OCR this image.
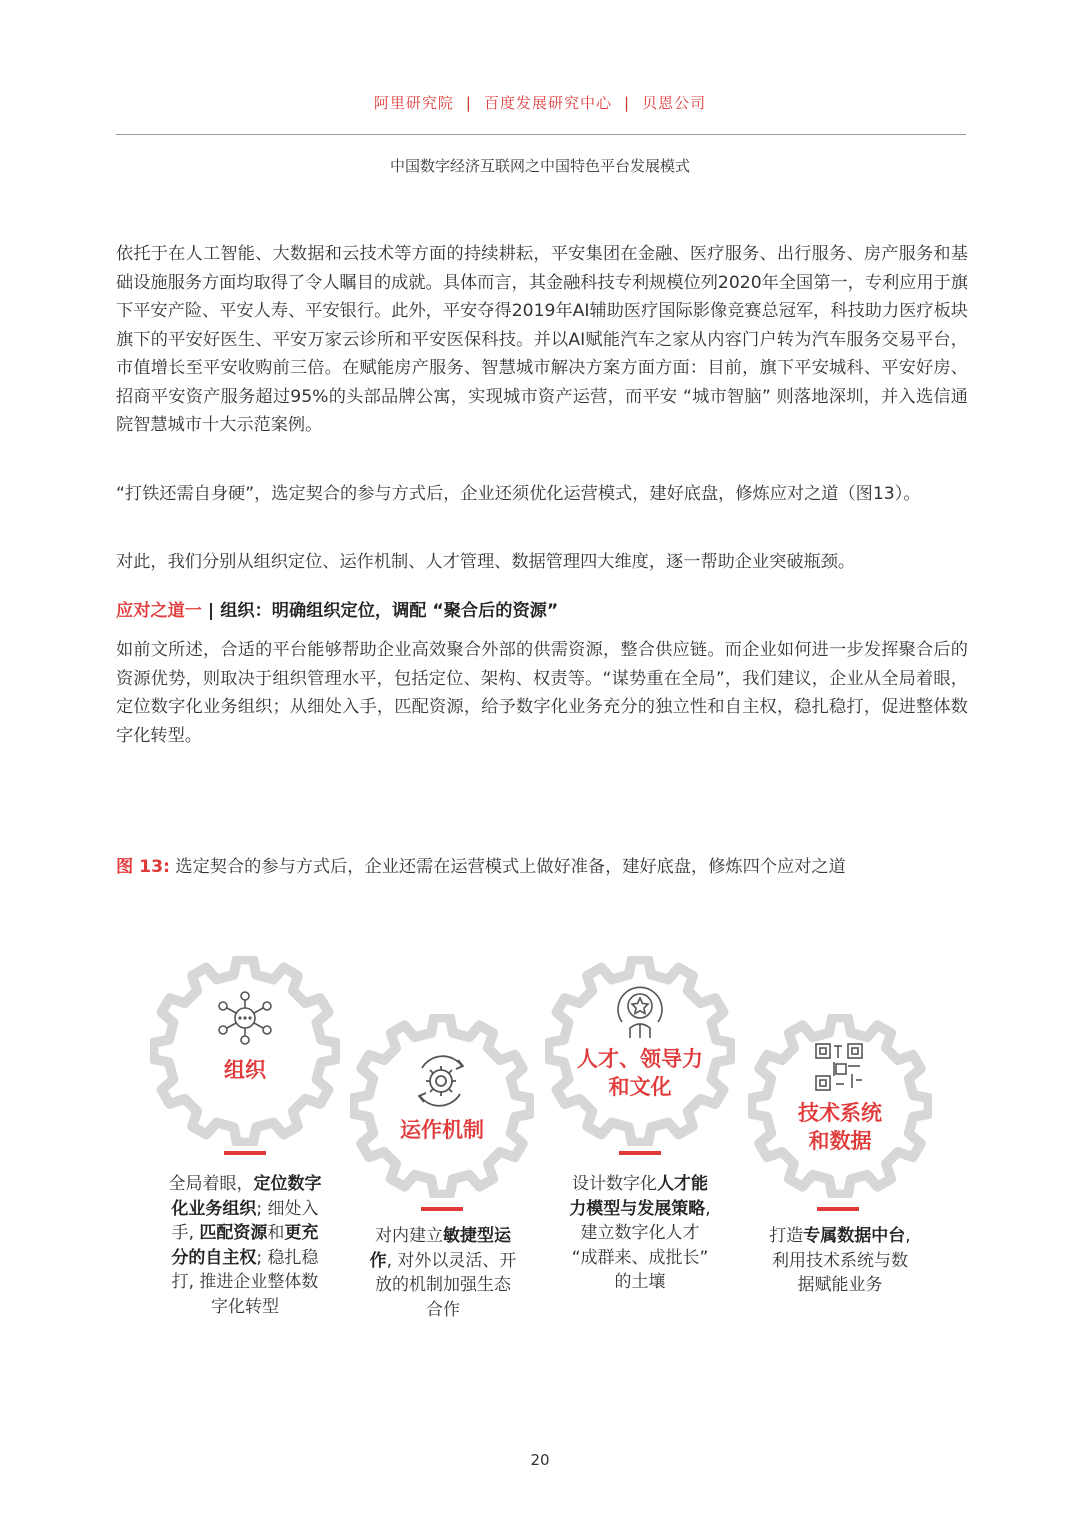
阿里研究院 | 百度发展研究中心 | 贝恩公司
中国数字经济互联网之中国特色平台发展模式

依托于在人工智能、大数据和云技术等方面的持续耕耘，平安集团在金融、医疗服务、出行服务、房产服务和基础设施服务方面均取得了令人瞩目的成就。具体而言，其金融科技专利规模位列2020年全国第一，专利应用于旗下平安产险、平安人寿、平安银行。此外，平安夺得2019年AI辅助医疗国际影像竞赛总冠军，科技助力医疗板块旗下的平安好医生、平安万家云诊所和平安医保科技。并以AI赋能汽车之家从内容门户转为汽车服务交易平台，市值增长至平安收购前三倍。在赋能房产服务、智慧城市解决方案方面方面：目前，旗下平安城科、平安好房、招商平安资产服务超过95%的头部品牌公寓，实现城市资产运营，而平安 “城市智脑” 则落地深圳，并入选信通院智慧城市十大示范案例。

“打铁还需自身硬”，选定契合的参与方式后，企业还须优化运营模式，建好底盘，修炼应对之道（图13）。

对此，我们分别从组织定位、运作机制、人才管理、数据管理四大维度，逐一帮助企业突破瓶颈。

应对之道一 | 组织：明确组织定位，调配 “聚合后的资源”

如前文所述，合适的平台能够帮助企业高效聚合外部的供需资源，整合供应链。而企业如何进一步发挥聚合后的资源优势，则取决于组织管理水平，包括定位、架构、权责等。“谋势重在全局”，我们建议，企业从全局着眼，定位数字化业务组织；从细处入手，匹配资源，给予数字化业务充分的独立性和自主权，稳扎稳打，促进整体数字化转型。

图 13: 选定契合的参与方式后，企业还需在运营模式上做好准备，建好底盘，修炼四个应对之道
组织
运作机制
人才、领导力
和文化
技术系统
和数据
全局着眼，定位数字
化业务组织; 细处入
手, 匹配资源和更充
分的自主权; 稳扎稳
打, 推进企业整体数
字化转型
对内建立敏捷型运
作, 对外以灵活、开
放的机制加强生态
合作
设计数字化人才能
力模型与发展策略,
建立数字化人才
“成群来、成批长”
的土壤
打造专属数据中台,
利用技术系统与数
据赋能业务
20
